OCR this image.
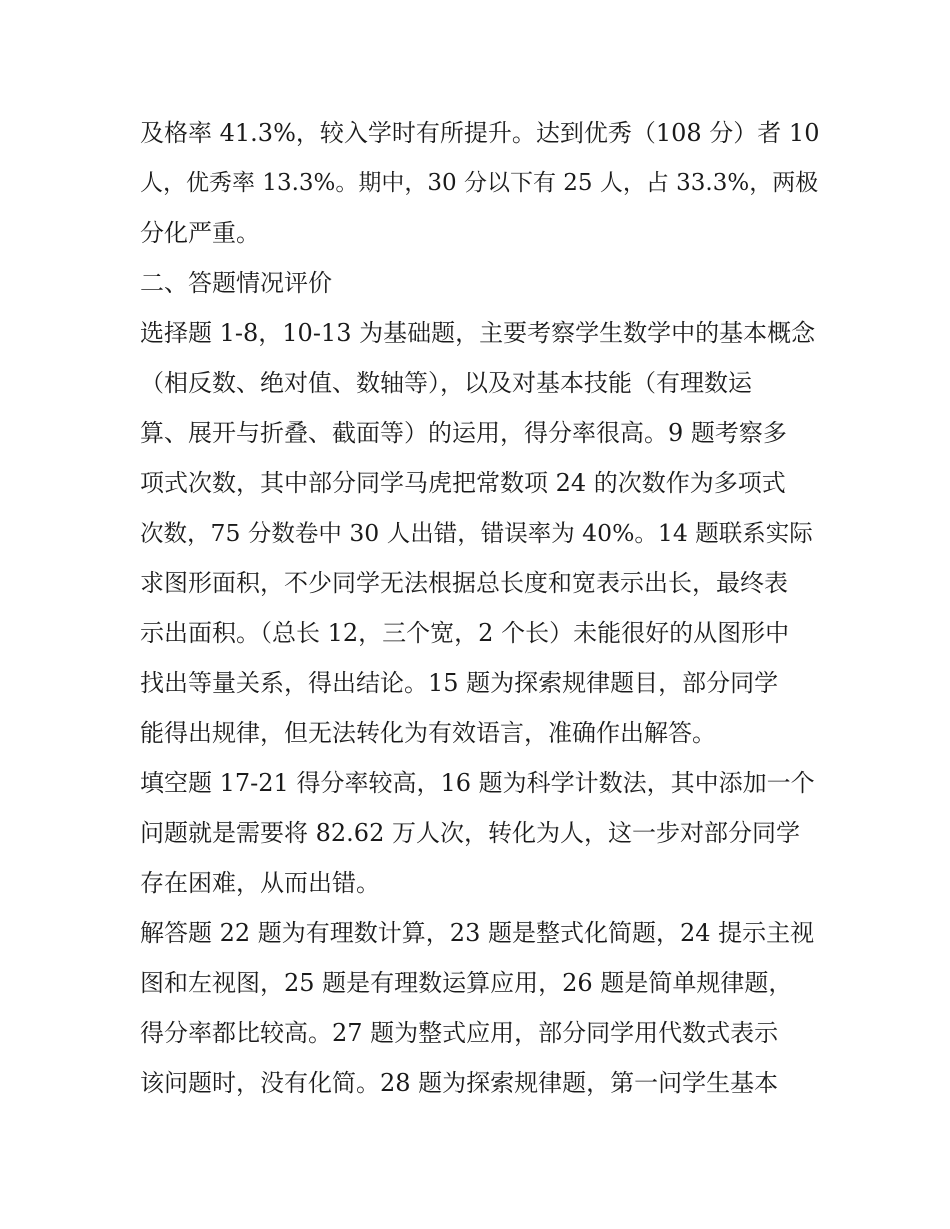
及格率 41.3%，较入学时有所提升。达到优秀（108 分）者 10
人，优秀率 13.3%。期中，30 分以下有 25 人，占 33.3%，两极
分化严重。
二、答题情况评价
选择题 1-8，10-13 为基础题，主要考察学生数学中的基本概念
（相反数、绝对值、数轴等），以及对基本技能（有理数运
算、展开与折叠、截面等）的运用，得分率很高。9 题考察多
项式次数，其中部分同学马虎把常数项 24 的次数作为多项式
次数，75 分数卷中 30 人出错，错误率为 40%。14 题联系实际
求图形面积，不少同学无法根据总长度和宽表示出长，最终表
示出面积。（总长 12，三个宽，2 个长）未能很好的从图形中
找出等量关系，得出结论。15 题为探索规律题目，部分同学
能得出规律，但无法转化为有效语言，准确作出解答。
填空题 17-21 得分率较高，16 题为科学计数法，其中添加一个
问题就是需要将 82.62 万人次，转化为人，这一步对部分同学
存在困难，从而出错。
解答题 22 题为有理数计算，23 题是整式化简题，24 提示主视
图和左视图，25 题是有理数运算应用，26 题是简单规律题，
得分率都比较高。27 题为整式应用，部分同学用代数式表示
该问题时，没有化简。28 题为探索规律题，第一问学生基本
